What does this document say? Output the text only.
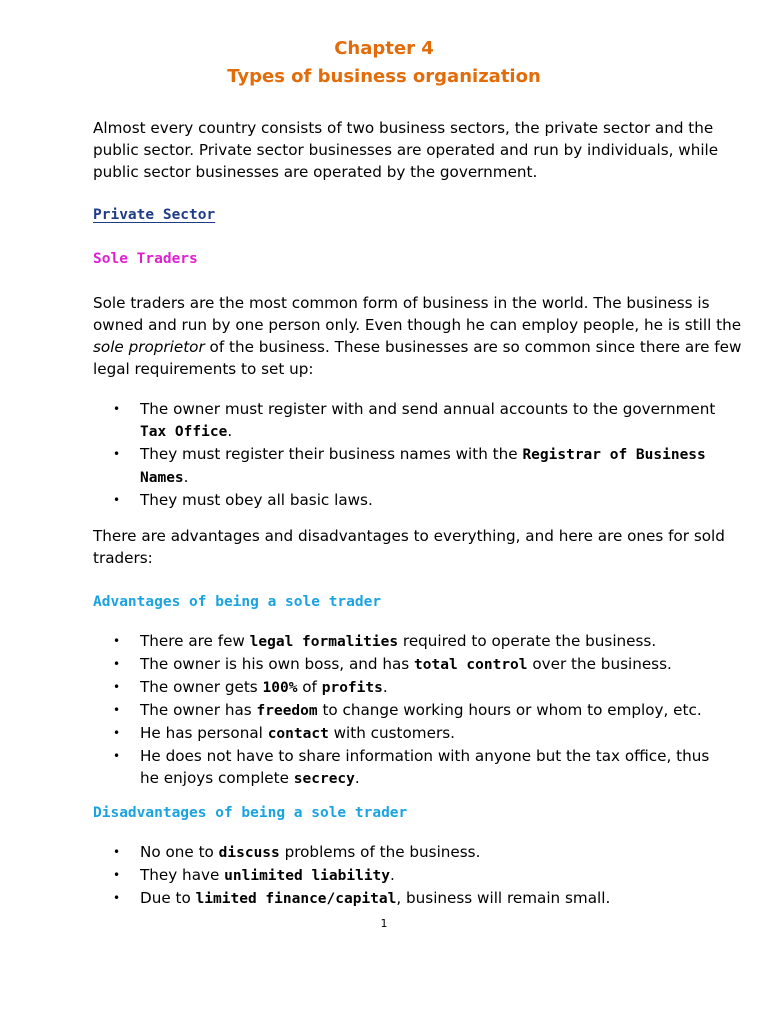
Chapter 4
Types of business organization

Almost every country consists of two business sectors, the private sector and the public sector. Private sector businesses are operated and run by individuals, while public sector businesses are operated by the government.

Private Sector
Sole Traders

Sole traders are the most common form of business in the world. The business is owned and run by one person only. Even though he can employ people, he is still the sole proprietor of the business. These businesses are so common since there are few legal requirements to set up:

• The owner must register with and send annual accounts to the government Tax Office.
• They must register their business names with the Registrar of Business Names.
• They must obey all basic laws.

There are advantages and disadvantages to everything, and here are ones for sold traders:

Advantages of being a sole trader
• There are few legal formalities required to operate the business.
• The owner is his own boss, and has total control over the business.
• The owner gets 100% of profits.
• The owner has freedom to change working hours or whom to employ, etc.
• He has personal contact with customers.
• He does not have to share information with anyone but the tax office, thus he enjoys complete secrecy.
Disadvantages of being a sole trader
• No one to discuss problems of the business.
• They have unlimited liability.
• Due to limited finance/capital, business will remain small.
1
